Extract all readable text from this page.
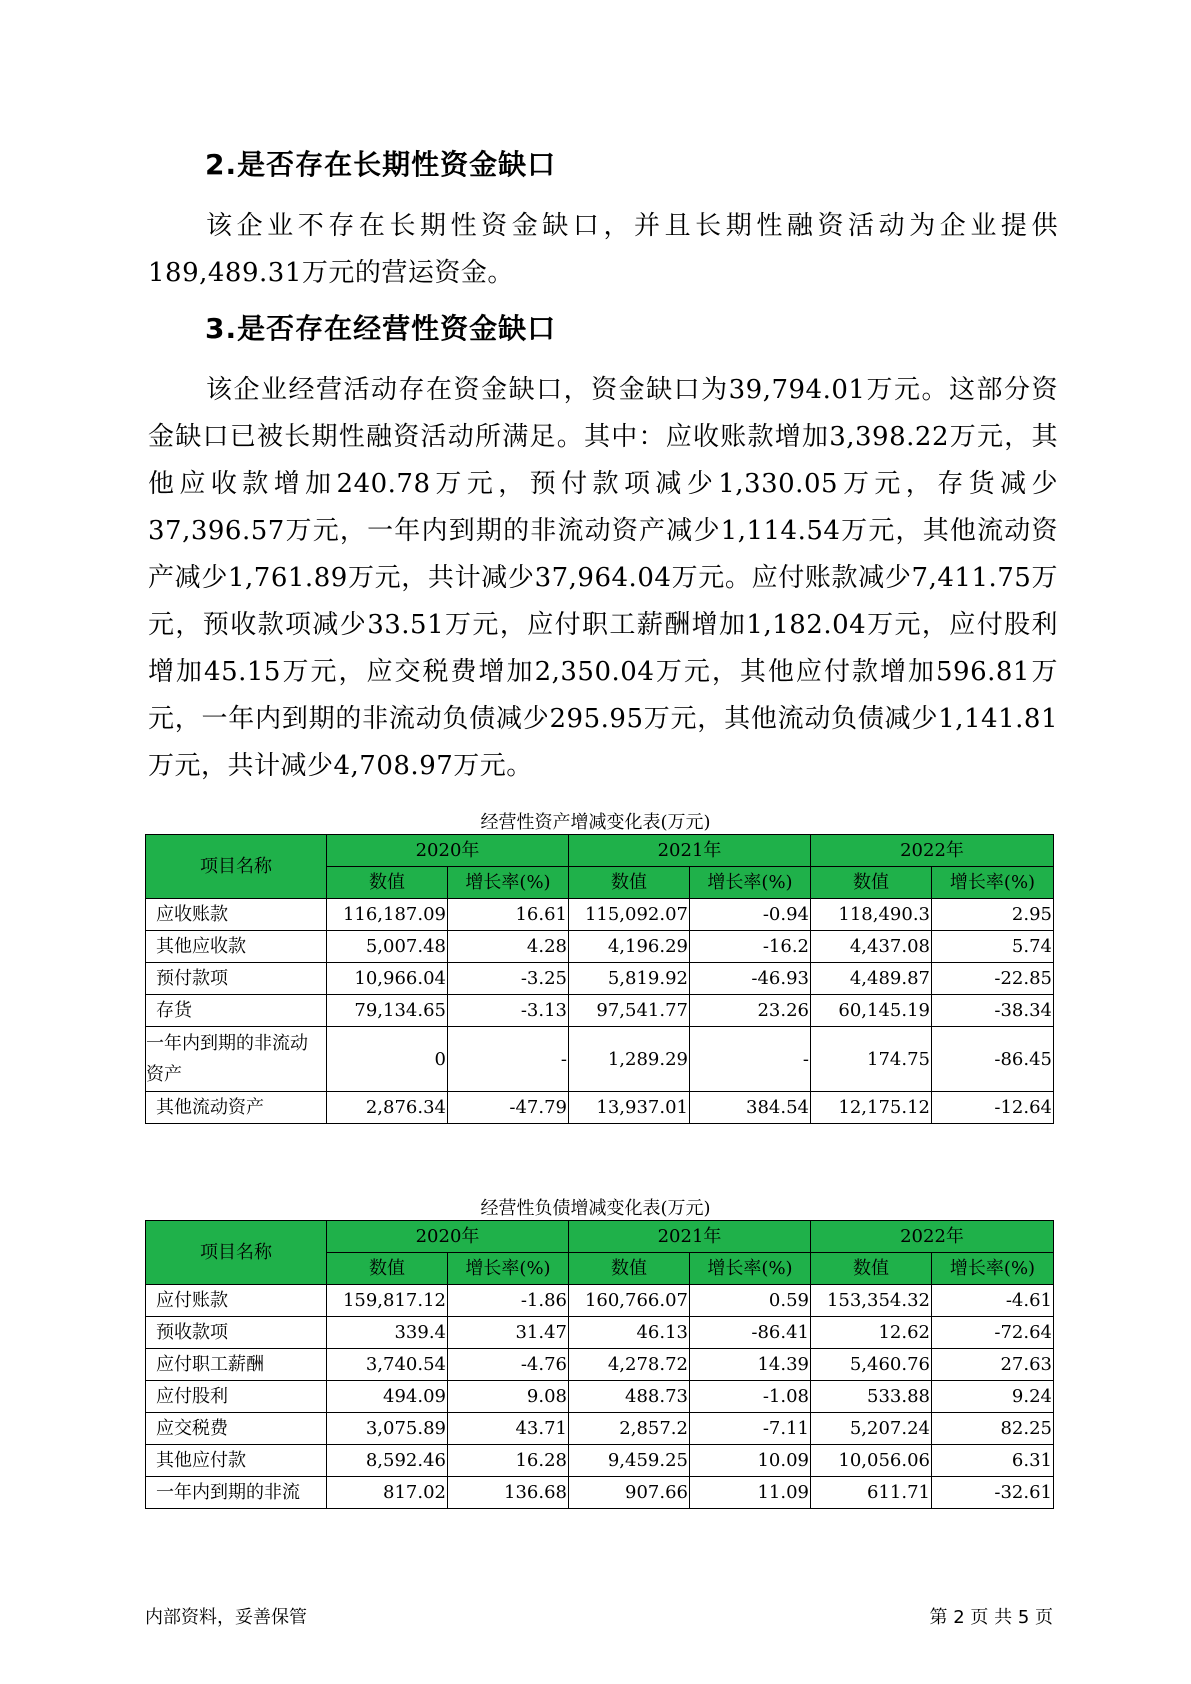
2.是否存在长期性资金缺口
该企业不存在长期性资金缺口，并且长期性融资活动为企业提供189,489.31万元的营运资金。
3.是否存在经营性资金缺口
该企业经营活动存在资金缺口，资金缺口为39,794.01万元。这部分资金缺口已被长期性融资活动所满足。其中：应收账款增加3,398.22万元，其他应收款增加240.78万元，预付款项减少1,330.05万元，存货减少37,396.57万元，一年内到期的非流动资产减少1,114.54万元，其他流动资产减少1,761.89万元，共计减少37,964.04万元。应付账款减少7,411.75万元，预收款项减少33.51万元，应付职工薪酬增加1,182.04万元，应付股利增加45.15万元，应交税费增加2,350.04万元，其他应付款增加596.81万元，一年内到期的非流动负债减少295.95万元，其他流动负债减少1,141.81万元，共计减少4,708.97万元。
经营性资产增减变化表(万元)
项目名称	2020年		2021年		2022年	
	数值	增长率(%)	数值	增长率(%)	数值	增长率(%)
应收账款	116,187.09	16.61	115,092.07	-0.94	118,490.3	2.95
其他应收款	5,007.48	4.28	4,196.29	-16.2	4,437.08	5.74
预付款项	10,966.04	-3.25	5,819.92	-46.93	4,489.87	-22.85
存货	79,134.65	-3.13	97,541.77	23.26	60,145.19	-38.34
一年内到期的非流动资产	0	-	1,289.29	-	174.75	-86.45
其他流动资产	2,876.34	-47.79	13,937.01	384.54	12,175.12	-12.64
经营性负债增减变化表(万元)
项目名称	2020年		2021年		2022年	
	数值	增长率(%)	数值	增长率(%)	数值	增长率(%)
应付账款	159,817.12	-1.86	160,766.07	0.59	153,354.32	-4.61
预收款项	339.4	31.47	46.13	-86.41	12.62	-72.64
应付职工薪酬	3,740.54	-4.76	4,278.72	14.39	5,460.76	27.63
应付股利	494.09	9.08	488.73	-1.08	533.88	9.24
应交税费	3,075.89	43.71	2,857.2	-7.11	5,207.24	82.25
其他应付款	8,592.46	16.28	9,459.25	10.09	10,056.06	6.31
一年内到期的非流	817.02	136.68	907.66	11.09	611.71	-32.61
内部资料，妥善保管	第 2 页 共 5 页
